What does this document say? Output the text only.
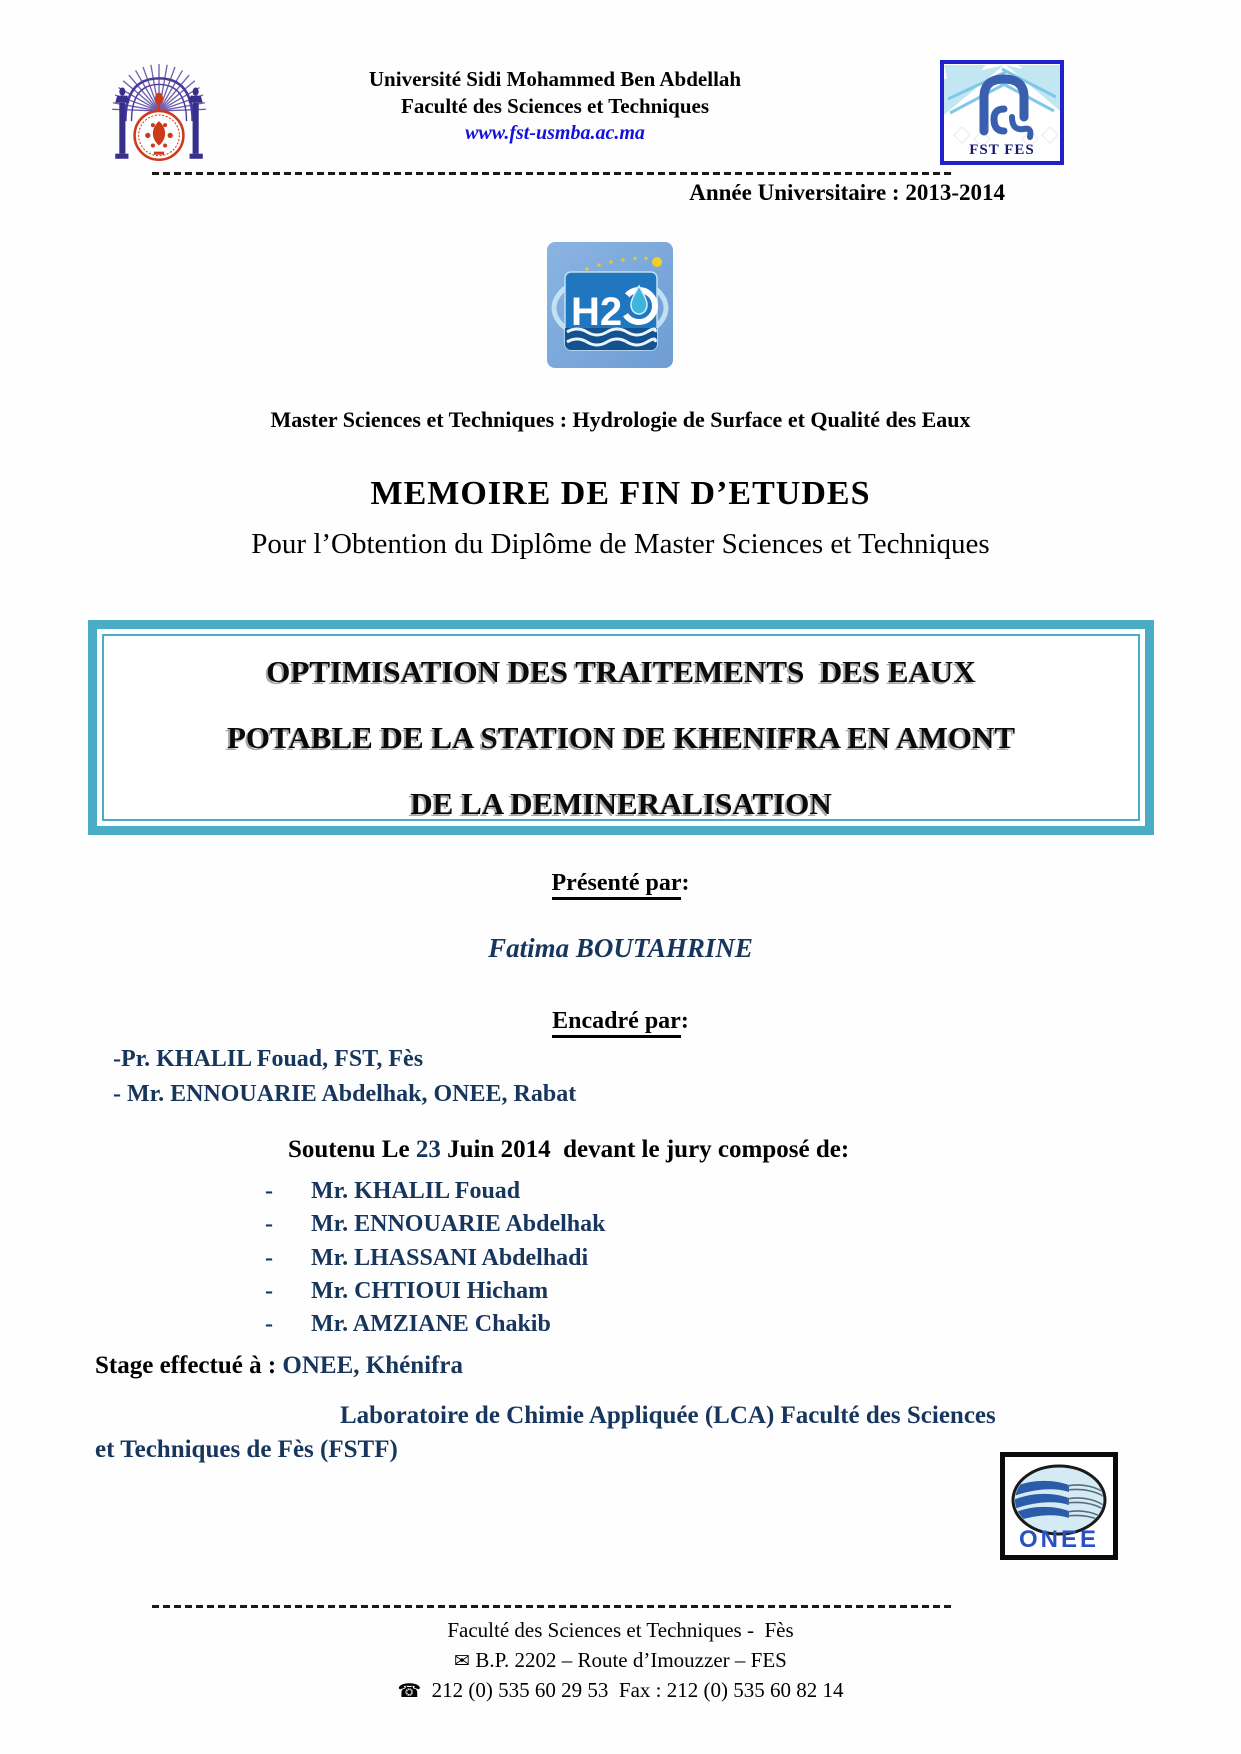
Université Sidi Mohammed Ben Abdellah
Faculté des Sciences et Techniques
www.fst-usmba.ac.ma
FST FES
Année Universitaire : 2013-2014
H2
Master Sciences et Techniques : Hydrologie de Surface et Qualité des Eaux
MEMOIRE DE FIN D’ETUDES
Pour l’Obtention du Diplôme de Master Sciences et Techniques
OPTIMISATION DES TRAITEMENTS  DES EAUX
POTABLE DE LA STATION DE KHENIFRA EN AMONT
DE LA DEMINERALISATION
Présenté par:
Fatima BOUTAHRINE
Encadré par:
-Pr. KHALIL Fouad, FST, Fès
- Mr. ENNOUARIE Abdelhak, ONEE, Rabat
Soutenu Le 23 Juin 2014  devant le jury composé de:
- Mr. KHALIL Fouad
- Mr. ENNOUARIE Abdelhak
- Mr. LHASSANI Abdelhadi
- Mr. CHTIOUI Hicham
- Mr. AMZIANE Chakib
Stage effectué à : ONEE, Khénifra
Laboratoire de Chimie Appliquée (LCA) Faculté des Sciences
et Techniques de Fès (FSTF)
ONEE
Faculté des Sciences et Techniques -  Fès
✉ B.P. 2202 – Route d’Imouzzer – FES
☎  212 (0) 535 60 29 53  Fax : 212 (0) 535 60 82 14
